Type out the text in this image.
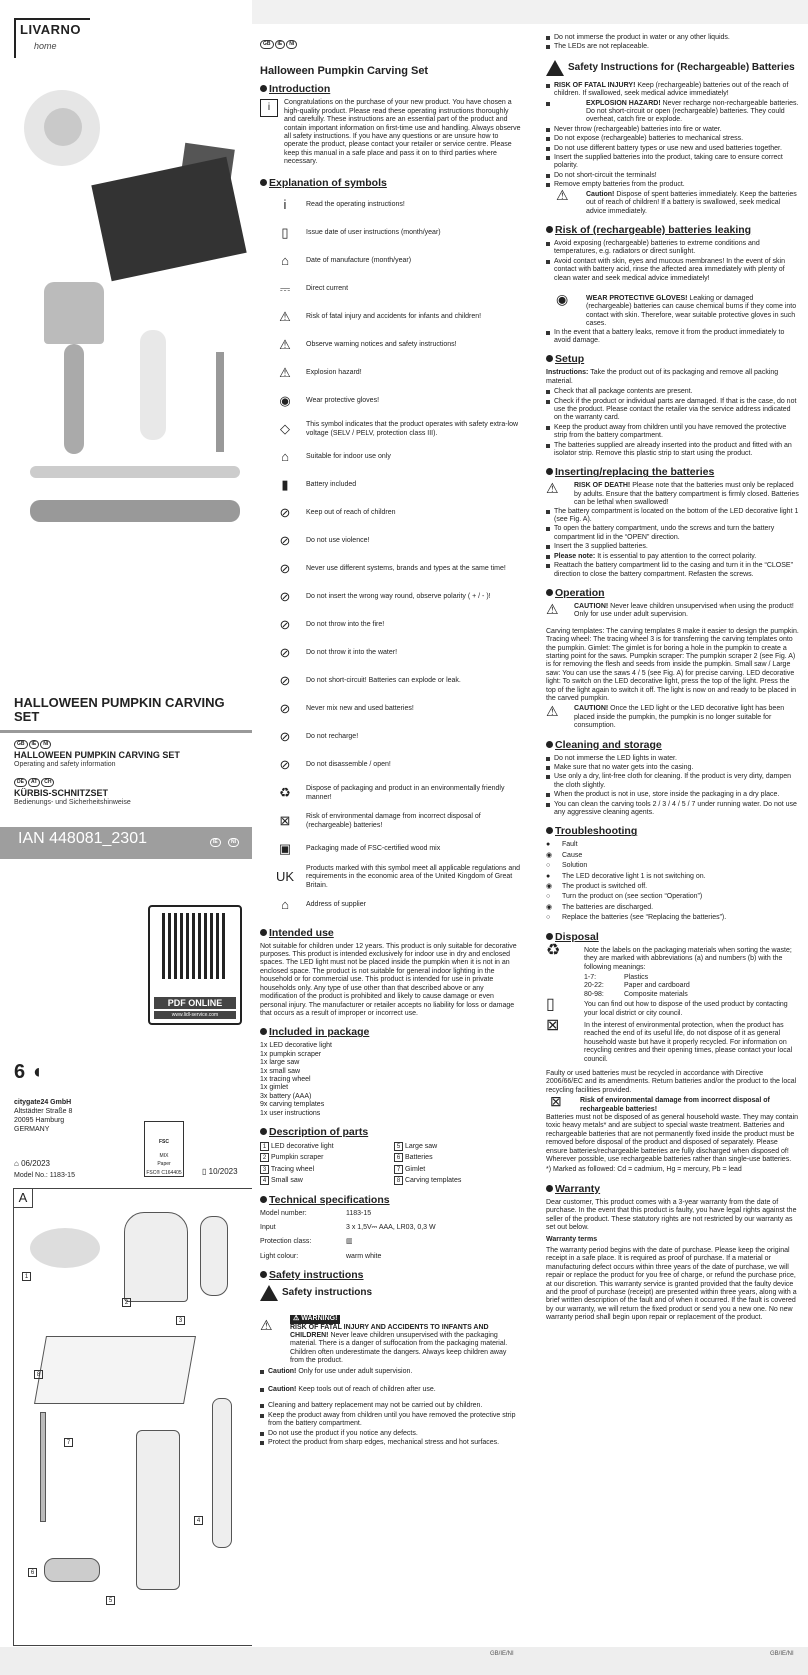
LIVARNO
home
HALLOWEEN PUMPKIN CARVING SET
GB IE NI
HALLOWEEN PUMPKIN CARVING SET
Operating and safety information
DE AT CH
KÜRBIS-SCHNITZSET
Bedienungs- und Sicherheitshinweise
IAN 448081_2301	IE	NI
PDF ONLINE
www.lidl-service.com
6 ◖
citygate24 GmbH
Altstädter Straße 8
20095 Hamburg
GERMANY
FSC
MIX
Paper
FSC® C164405
⌂ 06/2023
Model No.: 1183-15	▯ 10/2023
A
1
2
3
4
5
6
7
8
GB IE NI
Halloween Pumpkin Carving Set
Introduction
i	Congratulations on the purchase of your new product. You have chosen a high-quality product. Please read these operating instructions thoroughly and carefully. These instructions are an essential part of the product and contain important information on first-time use and handling. Always observe all safety instructions. If you have any questions or are unsure how to operate the product, please contact your retailer or service centre. Please keep this manual in a safe place and pass it on to third parties where necessary.

Explanation of symbols
i	Read the operating instructions!
▯	Issue date of user instructions (month/year)
⌂	Date of manufacture (month/year)
⎓	Direct current
⚠	Risk of fatal injury and accidents for infants and children!
⚠	Observe warning notices and safety instructions!
⚠	Explosion hazard!
◉	Wear protective gloves!
◇	This symbol indicates that the product operates with safety extra-low voltage (SELV / PELV, protection class III).
⌂	Suitable for indoor use only
▮	Battery included
⊘	Keep out of reach of children
⊘	Do not use violence!
⊘	Never use different systems, brands and types at the same time!
⊘	Do not insert the wrong way round, observe polarity ( + / - )!
⊘	Do not throw into the fire!
⊘	Do not throw it into the water!
⊘	Do not short-circuit! Batteries can explode or leak.
⊘	Never mix new and used batteries!
⊘	Do not recharge!
⊘	Do not disassemble / open!
♻	Dispose of packaging and product in an environmentally friendly manner!
⊠	Risk of environmental damage from incorrect disposal of (rechargeable) batteries!
▣	Packaging made of FSC-certified wood mix
UK
Products marked with this symbol meet all applicable regulations and requirements in the economic area of the United Kingdom of Great Britain.
⌂	Address of supplier
Intended use

Not suitable for children under 12 years. This product is only suitable for decorative purposes. This product is intended exclusively for indoor use in dry and enclosed spaces. The LED light must not be placed inside the pumpkin when it is not in an enclosed space. The product is not suitable for general indoor lighting in the household or for commercial use. This product is intended for use in private households only. Any type of use other than that described above or any modification of the product is prohibited and likely to cause damage or even personal injury. The manufacturer or retailer accepts no liability for loss or damage that occurs as a result of improper or incorrect use.

Included in package
1x LED decorative light
1x pumpkin scraper
1x large saw
1x small saw
1x tracing wheel
1x gimlet
3x battery (AAA)
9x carving templates
1x user instructions
Description of parts
1 LED decorative light	5 Large saw
2 Pumpkin scraper	6 Batteries
3 Tracing wheel	7 Gimlet
4 Small saw	8 Carving templates
Technical specifications
Model number:	1183-15
Input	3 x 1,5V⎓ AAA, LR03, 0,3 W
Protection class:	▥
Light colour:	warm white
Safety instructions
Safety instructions
⚠	⚠ WARNING!
RISK OF FATAL INJURY AND ACCIDENTS TO INFANTS AND CHILDREN! Never leave children unsupervised with the packaging material. There is a danger of suffocation from the packaging material. Children often underestimate the dangers. Always keep children away from the product.
Caution! Only for use under adult supervision.
Caution! Keep tools out of reach of children after use.
Cleaning and battery replacement may not be carried out by children.
Keep the product away from children until you have removed the protective strip from the battery compartment.
Do not use the product if you notice any defects.
Protect the product from sharp edges, mechanical stress and hot surfaces.
Do not immerse the product in water or any other liquids.
The LEDs are not replaceable.
Safety Instructions for (Rechargeable) Batteries
RISK OF FATAL INJURY! Keep (rechargeable) batteries out of the reach of children. If swallowed, seek medical advice immediately!
EXPLOSION HAZARD! Never recharge non-rechargeable batteries. Do not short-circuit or open (rechargeable) batteries. They could overheat, catch fire or explode.
Never throw (rechargeable) batteries into fire or water.
Do not expose (rechargeable) batteries to mechanical stress.
Do not use different battery types or use new and used batteries together.
Insert the supplied batteries into the product, taking care to ensure correct polarity.
Do not short-circuit the terminals!
Remove empty batteries from the product.
⚠ Caution! Dispose of spent batteries immediately. Keep the batteries out of reach of children! If a battery is swallowed, seek medical advice immediately.
Risk of (rechargeable) batteries leaking
Avoid exposing (rechargeable) batteries to extreme conditions and temperatures, e.g. radiators or direct sunlight.
Avoid contact with skin, eyes and mucous membranes! In the event of skin contact with battery acid, rinse the affected area immediately with plenty of clean water and seek medical advice immediately!
◉	WEAR PROTECTIVE GLOVES! Leaking or damaged (rechargeable) batteries can cause chemical burns if they come into contact with skin. Therefore, wear suitable protective gloves in such cases.
In the event that a battery leaks, remove it from the product immediately to avoid damage.
Setup

Instructions: Take the product out of its packaging and remove all packing material.

Check that all package contents are present.
Check if the product or individual parts are damaged. If that is the case, do not use the product. Please contact the retailer via the service address indicated on the warranty card.
Keep the product away from children until you have removed the protective strip from the battery compartment.
The batteries supplied are already inserted into the product and fitted with an isolator strip. Remove this plastic strip to start using the product.
Inserting/replacing the batteries
⚠ RISK OF DEATH! Please note that the batteries must only be replaced by adults. Ensure that the battery compartment is firmly closed. Batteries can be lethal when swallowed!
The battery compartment is located on the bottom of the LED decorative light 1 (see Fig. A).
To open the battery compartment, undo the screws and turn the battery compartment lid in the “OPEN” direction.
Insert the 3 supplied batteries.
Please note: It is essential to pay attention to the correct polarity.
Reattach the battery compartment lid to the casing and turn it in the “CLOSE” direction to close the battery compartment. Refasten the screws.
Operation
⚠ CAUTION! Never leave children unsupervised when using the product! Only for use under adult supervision.

Carving templates: The carving templates 8 make it easier to design the pumpkin. Tracing wheel: The tracing wheel 3 is for transferring the carving templates onto the pumpkin. Gimlet: The gimlet is for boring a hole in the pumpkin to create a starting point for the saws. Pumpkin scraper: The pumpkin scraper 2 (see Fig. A) is for removing the flesh and seeds from inside the pumpkin. Small saw / Large saw: You can use the saws 4 / 5 (see Fig. A) for precise carving. LED decorative light: To switch on the LED decorative light, press the top of the light. Press the top of the light again to switch it off. The light is now on and ready to be placed in the carved pumpkin.

⚠ CAUTION! Once the LED light or the LED decorative light has been placed inside the pumpkin, the pumpkin is no longer suitable for consumption.
Cleaning and storage
Do not immerse the LED lights in water.
Make sure that no water gets into the casing.
Use only a dry, lint-free cloth for cleaning. If the product is very dirty, dampen the cloth slightly.
When the product is not in use, store inside the packaging in a dry place.
You can clean the carving tools 2 / 3 / 4 / 5 / 7 under running water. Do not use any aggressive cleaning agents.
Troubleshooting
●	Fault
◉	Cause
○	Solution
●	The LED decorative light 1 is not switching on.
◉	The product is switched off.
○	Turn the product on (see section “Operation”)
◉	The batteries are discharged.
○	Replace the batteries (see “Replacing the batteries”).
Disposal
♻	Note the labels on the packaging materials when sorting the waste; they are marked with abbreviations (a) and numbers (b) with the following meanings:

1-7:	Plastics
20-22:	Paper and cardboard
80-98:	Composite materials
▯	You can find out how to dispose of the used product by contacting your local district or city council.

⊠	In the interest of environmental protection, when the product has reached the end of its useful life, do not dispose of it as general household waste but have it properly recycled. For information on recycling centres and their opening times, please contact your local council.

Faulty or used batteries must be recycled in accordance with Directive 2006/66/EC and its amendments. Return batteries and/or the product to the local recycling facilities provided.

⊠	Risk of environmental damage from incorrect disposal of rechargeable batteries!

Batteries must not be disposed of as general household waste. They may contain toxic heavy metals* and are subject to special waste treatment. Batteries and rechargeable batteries that are not permanently fixed inside the product must be removed before disposal of the product and disposed of separately. Please ensure batteries/rechargeable batteries are fully discharged when disposed of! Wherever possible, use rechargeable batteries rather than single-use batteries.

*) Marked as followed: Cd = cadmium, Hg = mercury, Pb = lead

Warranty

Dear customer, This product comes with a 3-year warranty from the date of purchase. In the event that this product is faulty, you have legal rights against the seller of the product. These statutory rights are not restricted by our warranty as set out below.

Warranty terms

The warranty period begins with the date of purchase. Please keep the original receipt in a safe place. It is required as proof of purchase. If a material or manufacturing defect occurs within three years of the date of purchase, we will repair or replace the product for you free of charge, or refund the purchase price, at our discretion. This warranty service is granted provided that the faulty device and the proof of purchase (receipt) are presented within three years, along with a brief written description of the fault and of when it occurred. If the fault is covered by our warranty, we will return the fixed product or send you a new one. No new warranty period shall begin upon repair or replacement of the product.

GB/IE/NI	GB/IE/NI
